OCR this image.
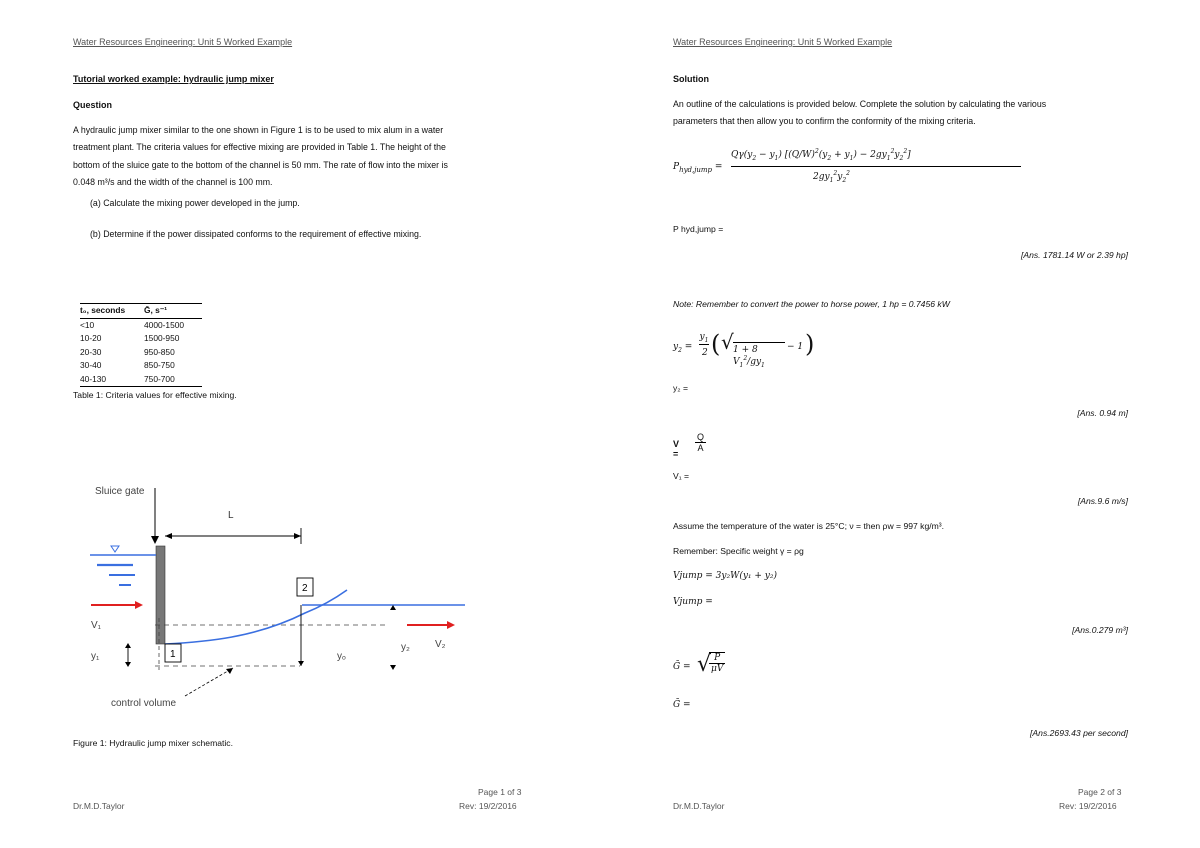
Water Resources Engineering: Unit 5 Worked Example
Tutorial worked example: hydraulic jump mixer
Question
A hydraulic jump mixer similar to the one shown in Figure 1 is to be used to mix alum in a water
treatment plant. The criteria values for effective mixing are provided in Table 1. The height of the
bottom of the sluice gate to the bottom of the channel is 50 mm. The rate of flow into the mixer is
0.048 m³/s and the width of the channel is 100 mm.
(a) Calculate the mixing power developed in the jump.
(b) Determine if the power dissipated conforms to the requirement of effective mixing.
t₀, seconds	Ḡ, s⁻¹
<10	4000-1500
10-20	1500-950
20-30	950-850
30-40	850-750
40-130	750-700
Table 1: Criteria values for effective mixing.
Sluice gate
V₁
y₁
L
2
1	yₒ
y₂	V₂
control volume
Figure 1: Hydraulic jump mixer schematic.
Page 1 of 3
Dr.M.D.Taylor	Rev: 19/2/2016
Water Resources Engineering: Unit 5 Worked Example
Solution
An outline of the calculations is provided below. Complete the solution by calculating the various
parameters that then allow you to confirm the conformity of the mixing criteria.
$P_{hyd,jump}$ =
$Q\gamma(y_2 - y_1) [(Q/W)^2(y_2 + y_1) - 2gy_1^2y_2^2]$
$2gy_1^2y_2^2$
P hyd,jump =
[Ans. 1781.14 W or 2.39 hp]
Note: Remember to convert the power to horse power, 1 hp = 0.7456 kW
$y_2$ =
$y_1$
2 ( √ 1 + 8 $V_1^2/gy_1$
− 1 )
y₂ =
[Ans. 0.94 m]
V =
$\frac{Q}{A}$
V₁ =
[Ans.9.6 m/s]
Assume the temperature of the water is 25°C; ν = then ρw = 997 kg/m³.
Remember: Specific weight γ = ρg
Vjump = 3y₂W(y₁ + y₂)
Vjump =
[Ans.0.279 m³]
Ḡ = √
$\frac{P}{\mu V}$
Ḡ =
[Ans.2693.43 per second]
Page 2 of 3
Dr.M.D.Taylor	Rev: 19/2/2016
